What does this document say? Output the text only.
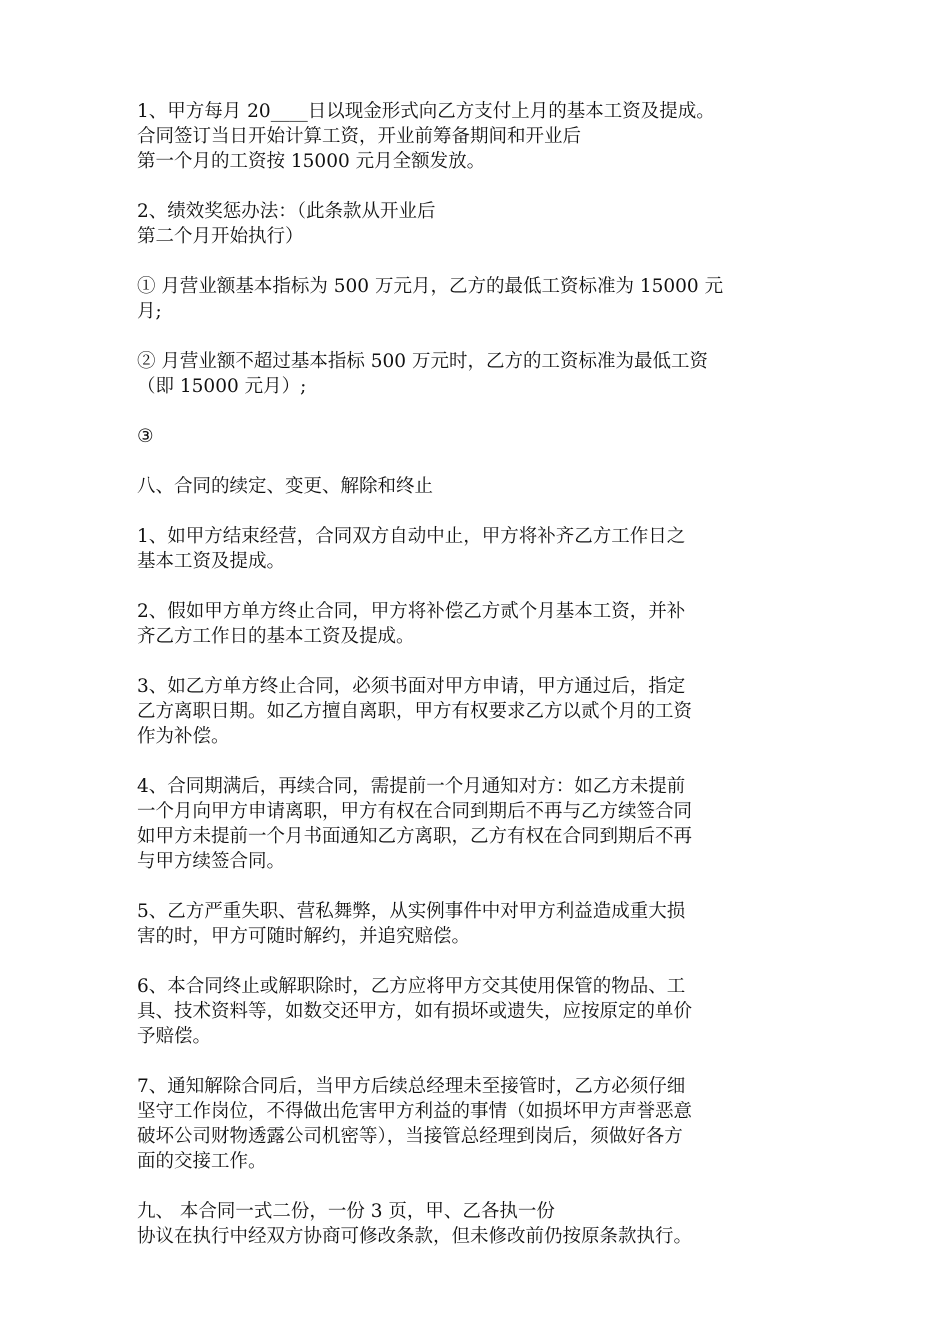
1、甲方每月 20____日以现金形式向乙方支付上月的基本工资及提成。
合同签订当日开始计算工资，开业前筹备期间和开业后
第一个月的工资按 15000 元月全额发放。
2、绩效奖惩办法：（此条款从开业后
第二个月开始执行）
① 月营业额基本指标为 500 万元月，乙方的最低工资标准为 15000 元
月;
② 月营业额不超过基本指标 500 万元时，乙方的工资标准为最低工资
（即 15000 元月）;
③
八、合同的续定、变更、解除和终止
1、如甲方结束经营，合同双方自动中止，甲方将补齐乙方工作日之
基本工资及提成。
2、假如甲方单方终止合同，甲方将补偿乙方贰个月基本工资，并补
齐乙方工作日的基本工资及提成。
3、如乙方单方终止合同，必须书面对甲方申请，甲方通过后，指定
乙方离职日期。如乙方擅自离职，甲方有权要求乙方以贰个月的工资
作为补偿。
4、合同期满后，再续合同，需提前一个月通知对方：如乙方未提前
一个月向甲方申请离职，甲方有权在合同到期后不再与乙方续签合同
如甲方未提前一个月书面通知乙方离职，乙方有权在合同到期后不再
与甲方续签合同。
5、乙方严重失职、营私舞弊，从实例事件中对甲方利益造成重大损
害的时，甲方可随时解约，并追究赔偿。
6、本合同终止或解职除时，乙方应将甲方交其使用保管的物品、工
具、技术资料等，如数交还甲方，如有损坏或遗失，应按原定的单价
予赔偿。
7、通知解除合同后，当甲方后续总经理未至接管时，乙方必须仔细
坚守工作岗位，不得做出危害甲方利益的事情（如损坏甲方声誉恶意
破坏公司财物透露公司机密等），当接管总经理到岗后，须做好各方
面的交接工作。
九、 本合同一式二份，一份 3 页，甲、乙各执一份
协议在执行中经双方协商可修改条款，但未修改前仍按原条款执行。
